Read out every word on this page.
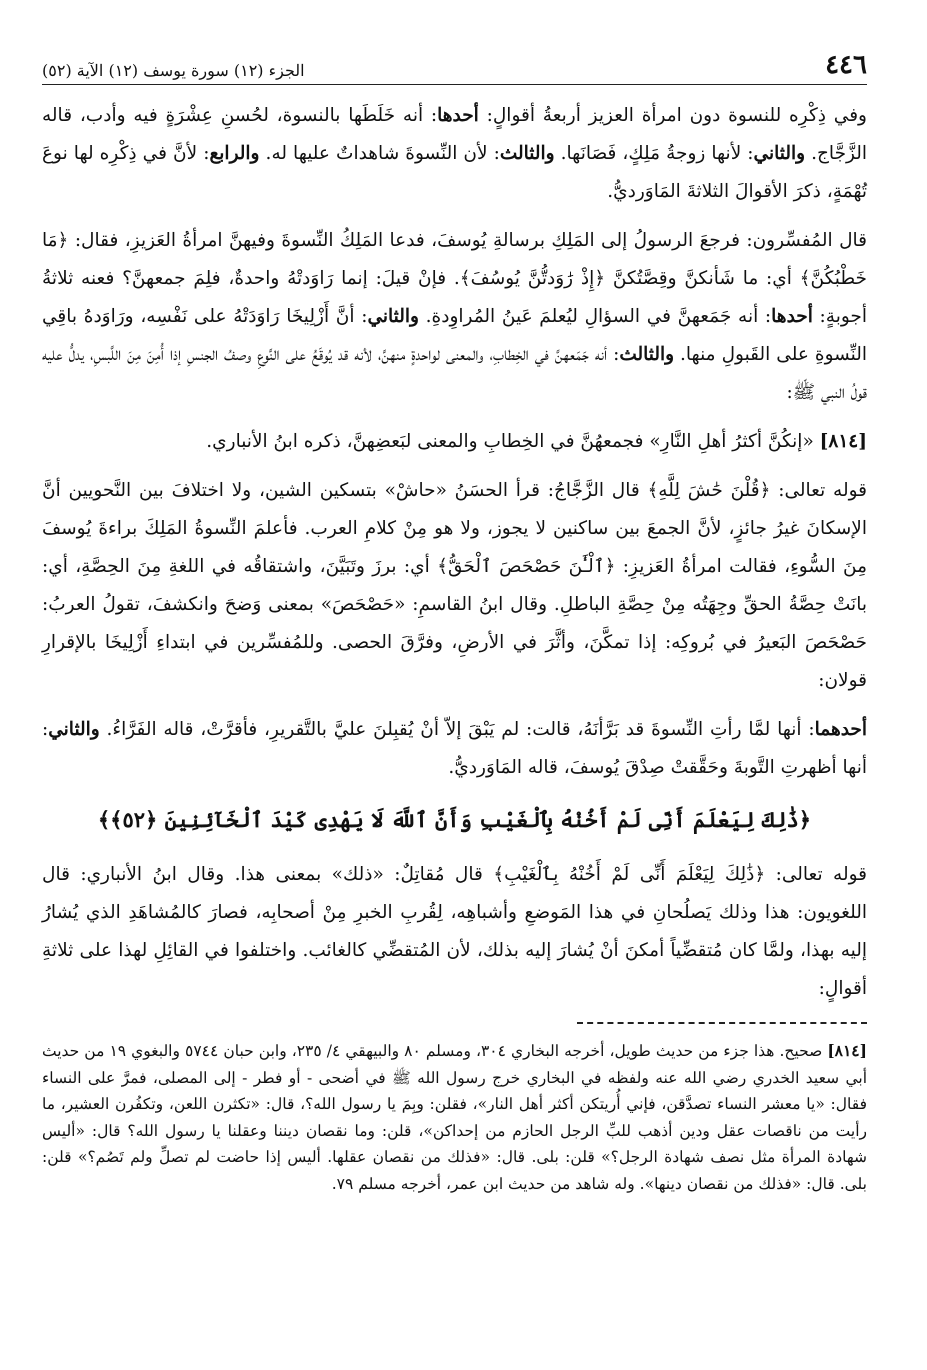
٤٤٦
الجزء (١٢) سورة يوسف (١٢) الآية (٥٢)

وفي ذِكْرِه للنسوة دون امرأة العزيز أربعةُ أقوالٍ: أحدها: أنه خَلَطَها بالنسوة، لحُسنِ عِشْرَةٍ فيه وأدب، قاله الزَّجَّاج. والثاني: لأنها زوجةُ مَلِكٍ، فَصَانَها. والثالث: لأن النِّسوةَ شاهداتٌ عليها له. والرابع: لأنَّ في ذِكْرِه لها نوعَ تُهْمَةٍ، ذكرَ الأقوالَ الثلاثةَ المَاوَرديُّ.

قال المُفسِّرون: فرجعَ الرسولُ إلى المَلِكِ برسالةِ يُوسفَ، فدعا المَلِكُ النِّسوةَ وفيهنَّ امرأةُ العَزيزِ، فقال: ﴿مَا خَطْبُكُنَّ﴾ أي: ما شَأنكنَّ وقِصَّتُكنَّ ﴿إِذْ رَٰوَدتُّنَّ يُوسُفَ﴾. فإنْ قيلَ: إنما رَاوَدتْهُ واحدةٌ، فلِمَ جمعهنَّ؟ فعنه ثلاثةُ أجوبةٍ: أحدها: أنه جَمَعهنَّ في السؤالِ ليُعلمَ عَينُ المُراوِدةِ. والثاني: أنَّ أَزْلِيخَا رَاوَدَتْهُ على نَفْسِه، ورَاوَدهُ باقِي النِّسوةِ على القَبولِ منها. والثالث: أنه جَمَعهنَّ في الخِطابِ، والمعنى لواحدةٍ منهنَّ، لأنه قد يُوقَعُ على النَّوعِ وصفُ الجنسِ إذا أُمِنَ مِنَ اللَّبسِ، يدلُّ عليه قولُ النبي ﷺ:

[٨١٤] «إنكُنَّ أكثرُ أهلِ النَّارِ» فجمعهُنَّ في الخِطابِ والمعنى لبَعضِهنَّ، ذكره ابنُ الأنباري.

قوله تعالى: ﴿قُلْنَ حَٰشَ لِلَّهِ﴾ قال الزَّجَّاجُ: قرأ الحسَنُ «حاشْ» بتسكين الشين، ولا اختلافَ بين النَّحويين أنَّ الإسكانَ غيرُ جائزٍ، لأنَّ الجمعَ بين ساكنين لا يجوز، ولا هو مِنْ كلامِ العرب. فأعلمَ النِّسوةُ المَلِكَ براءةَ يُوسفَ مِنَ السُّوءِ، فقالت امرأةُ العَزيزِ: ﴿ٱلْـَٰٔنَ حَصْحَصَ ٱلْحَقُّ﴾ أي: برزَ وتَبَيَّنَ، واشتقاقُه في اللغةِ مِنَ الحِصَّةِ، أي: بانَتْ حِصَّةُ الحقِّ وجِهَتُه مِنْ حِصَّةِ الباطلِ. وقال ابنُ القاسمِ: «حَصْحَصَ» بمعنى وَضحَ وانكشفَ، تقولُ العربُ: حَصْحَصَ البَعيرُ في بُروكِه: إذا تمكَّنَ، وأثَّرَ في الأرضِ، وفرَّقَ الحصى. وللمُفسِّرين في ابتداءِ أَزْلِيخَا بالإقرارِ قولان:

أحدهما: أنها لمَّا رأتِ النِّسوةَ قد بَرَّأنَهُ، قالت: لم يَبْقَ إلاّ أنْ يُقبِلنَ عليَّ بالتَّقريرِ، فأقرَّتْ، قاله الفَرَّاءُ. والثاني: أنها أظهرتِ التَّوبةَ وحَقَّقتْ صِدْقَ يُوسفَ، قاله المَاوَرديُّ.

﴿ذَٰلِكَ لِيَعْلَمَ أَنِّى لَمْ أَخُنْهُ بِٱلْغَيْبِ وَأَنَّ ٱللَّهَ لَا يَهْدِى كَيْدَ ٱلْخَآئِنِينَ ﴿٥٢﴾﴾

قوله تعالى: ﴿ذَٰلِكَ لِيَعْلَمَ أَنِّى لَمْ أَخُنْهُ بِٱلْغَيْبِ﴾ قال مُقاتِلٌ: «ذلك» بمعنى هذا. وقال ابنُ الأنباري: قال اللغويون: هذا وذلك يَصلُحانِ في هذا المَوضعِ وأشباهِه، لِقُربِ الخبرِ مِنْ أصحابِه، فصارَ كالمُشاهَدِ الذي يُشارُ إليه بهذا، ولمَّا كان مُتقضِّياً أمكنَ أنْ يُشارَ إليه بذلك، لأن المُتقضِّي كالغائب. واختلفوا في القائِلِ لهذا على ثلاثةِ أقوالٍ:

[٨١٤] صحيح. هذا جزء من حديث طويل، أخرجه البخاري ٣٠٤، ومسلم ٨٠ والبيهقي ٤/ ٢٣٥، وابن حبان ٥٧٤٤ والبغوي ١٩ من حديث أبي سعيد الخدري رضي الله عنه ولفظه في البخاري خرج رسول الله ﷺ في أضحى - أو فطر - إلى المصلى، فمرَّ على النساء فقال: «يا معشر النساء تصدَّقن، فإني أُريتكن أكثر أهل النار»، فقلن: وبِمَ يا رسول الله؟، قال: «تكثرن اللعن، وتكفُرن العشير، ما رأيت من ناقصات عقل ودين أذهب للبِّ الرجل الحازم من إحداكن»، قلن: وما نقصان ديننا وعقلنا يا رسول الله؟ قال: «أليس شهادة المرأة مثل نصف شهادة الرجل؟» قلن: بلى. قال: «فذلك من نقصان عقلها. أليس إذا حاضت لم تصلِّ ولم تَصُم؟» قلن: بلى. قال: «فذلك من نقصان دينها». وله شاهد من حديث ابن عمر، أخرجه مسلم ٧٩.
